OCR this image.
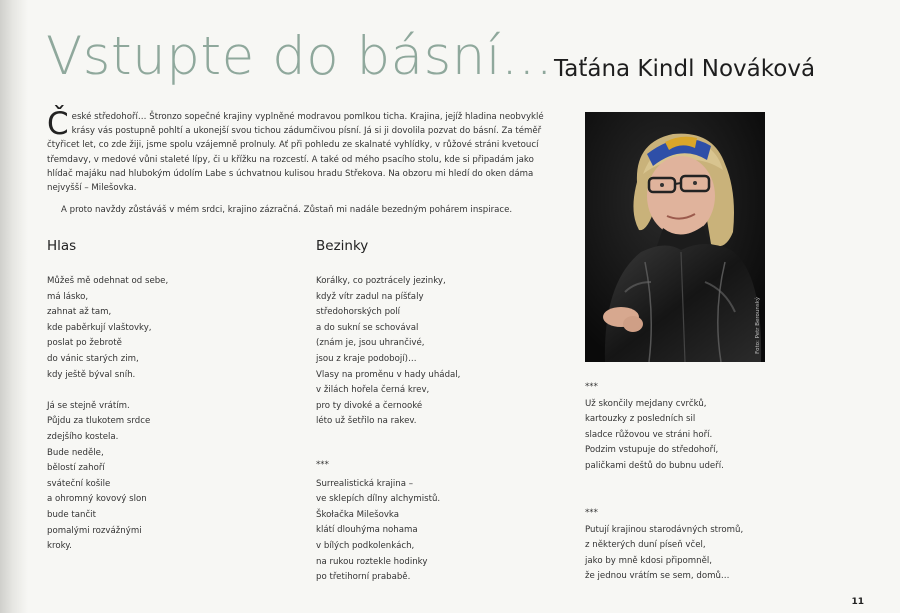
Vstupte do básní... Taťána Kindl Nováková

České středohoří… Štronzo sopečné krajiny vyplněné modravou pomlkou ticha. Krajina, jejíž hladina neobvyklé krásy vás postupně pohltí a ukonejší svou tichou zádumčivou písní. Já si ji dovolila pozvat do básní. Za téměř čtyřicet let, co zde žiji, jsme spolu vzájemně prolnuly. Ať při pohledu ze skalnaté vyhlídky, v růžové stráni kvetoucí třemdavy, v medové vůni staleté lípy, či u křížku na rozcestí. A také od mého psacího stolu, kde si připadám jako hlídač majáku nad hlubokým údolím Labe s úchvatnou kulisou hradu Střekova. Na obzoru mi hledí do oken dáma nejvyšší – Milešovka.

A proto navždy zůstáváš v mém srdci, krajino zázračná. Zůstaň mi nadále bezedným pohárem inspirace.

Foto: Petr Berounský
Hlas
Můžeš mě odehnat od sebe,
má lásko,
zahnat až tam,
kde paběrkují vlaštovky,
poslat po žebrotě
do vánic starých zim,
kdy ještě býval sníh.
Já se stejně vrátím.
Půjdu za tlukotem srdce
zdejšího kostela.
Bude neděle,
bělostí zahoří
sváteční košile
a ohromný kovový slon
bude tančit
pomalými rozvážnými
kroky.
Bezinky
Korálky, co poztrácely jezinky,
když vítr zadul na píšťaly
středohorských polí
a do sukní se schovával
(znám je, jsou uhrančivé,
jsou z kraje podobojí)…
Vlasy na proměnu v hady uhádal,
v žilách hořela černá krev,
pro ty divoké a černooké
léto už šetřilo na rakev.
***
Surrealistická krajina –
ve sklepích dílny alchymistů.
Škołačka Milešovka
klátí dlouhýma nohama
v bílých podkolenkách,
na rukou roztekle hodinky
po třetihorní prababě.
***
Už skončily mejdany cvrčků,
kartouzky z posledních sil
sladce růžovou ve stráni hoří.
Podzim vstupuje do středohoří,
paličkami deštů do bubnu udeří.
***
Putují krajinou starodávných stromů,
z některých duní píseň včel,
jako by mně kdosi připomněl,
že jednou vrátím se sem, domů…
11
